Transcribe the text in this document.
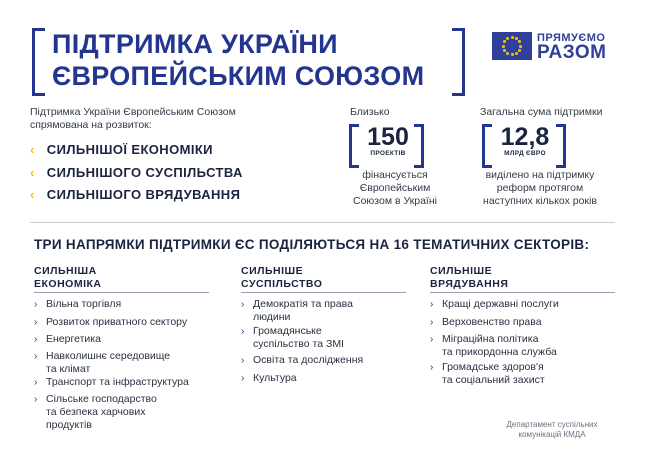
ПІДТРИМКА УКРАЇНИ
ЄВРОПЕЙСЬКИМ СОЮЗОМ
ПРЯМУЄМО
РАЗОМ
Підтримка України Європейським Союзом
спрямована на розвиток:
‹ СИЛЬНІШОЇ ЕКОНОМІКИ
‹ СИЛЬНІШОГО СУСПІЛЬСТВА
‹ СИЛЬНІШОГО ВРЯДУВАННЯ
Близько
150
ПРОЕКТІВ
фінансується
Європейським
Союзом в Україні
Загальна сума підтримки
12,8
МЛРД ЄВРО
виділено на підтримку
реформ протягом
наступних кількох років
ТРИ НАПРЯМКИ ПІДТРИМКИ ЄС ПОДІЛЯЮТЬСЯ НА 16 ТЕМАТИЧНИХ СЕКТОРІВ:
СИЛЬНІША
ЕКОНОМІКА
› Вільна торгівля
› Розвиток приватного сектору
› Енергетика
› Навколишнє середовище
та клімат
› Транспорт та інфраструктура
› Сільське господарство
та безпека харчових
продуктів
СИЛЬНІШЕ
СУСПІЛЬСТВО
› Демократія та права
людини
› Громадянське
суспільство та ЗМІ
› Освіта та дослідження
› Культура
СИЛЬНІШЕ
ВРЯДУВАННЯ
› Кращі державні послуги
› Верховенство права
› Міграційна політика
та прикордонна служба
› Громадське здоров'я
та соціальний захист
Департамент суспільних
комунікацій КМДА
